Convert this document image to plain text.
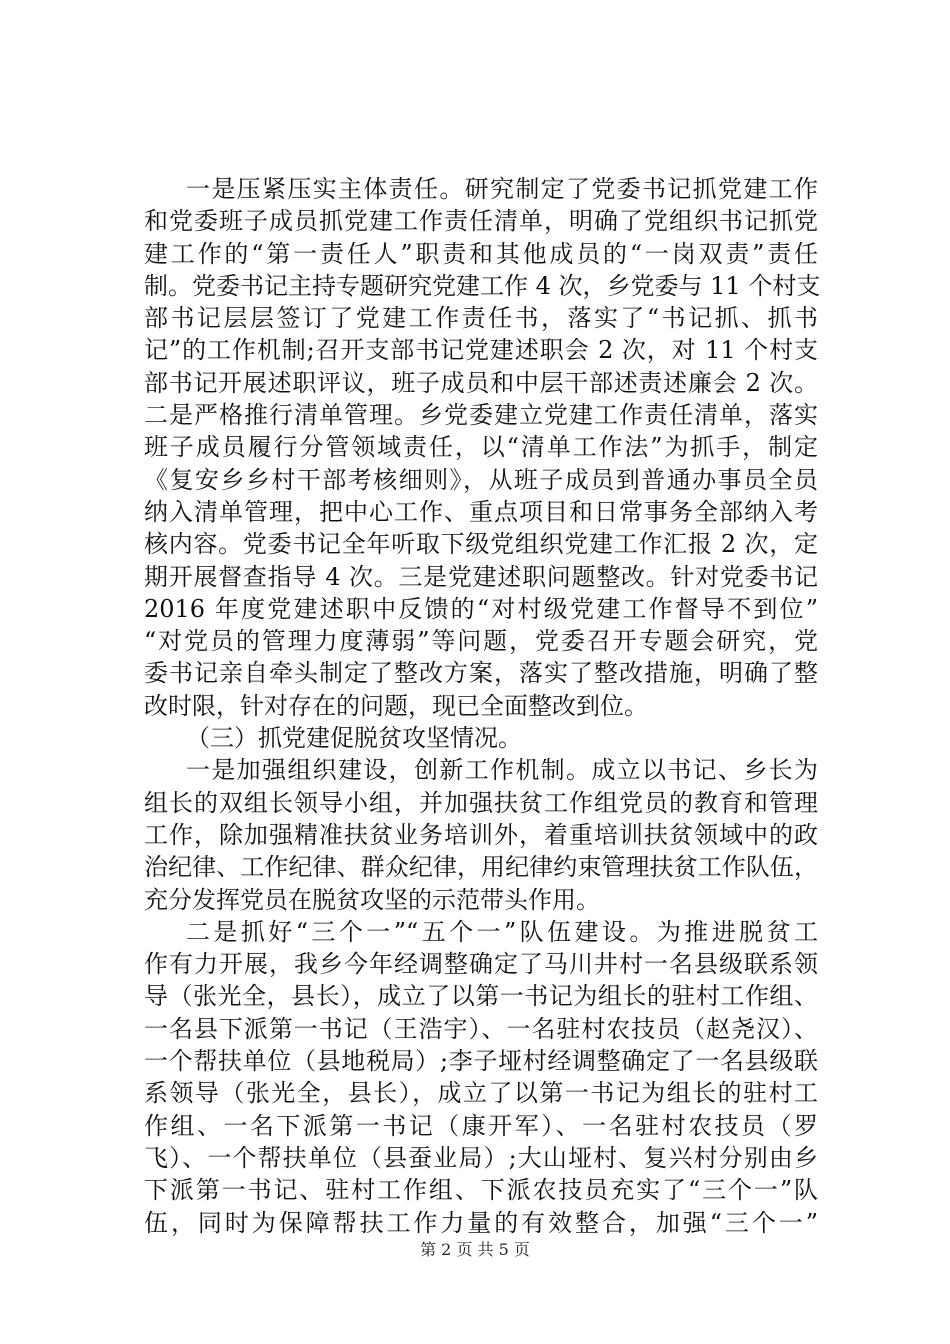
一是压紧压实主体责任。研究制定了党委书记抓党建工作
和党委班子成员抓党建工作责任清单，明确了党组织书记抓党
建工作的“第一责任人”职责和其他成员的“一岗双责”责任
制。党委书记主持专题研究党建工作 4 次，乡党委与 11 个村支
部书记层层签订了党建工作责任书，落实了“书记抓、抓书
记”的工作机制;召开支部书记党建述职会 2 次，对 11 个村支
部书记开展述职评议，班子成员和中层干部述责述廉会 2 次。
二是严格推行清单管理。乡党委建立党建工作责任清单，落实
班子成员履行分管领域责任，以“清单工作法”为抓手，制定
《复安乡乡村干部考核细则》，从班子成员到普通办事员全员
纳入清单管理，把中心工作、重点项目和日常事务全部纳入考
核内容。党委书记全年听取下级党组织党建工作汇报 2 次，定
期开展督查指导 4 次。三是党建述职问题整改。针对党委书记
2016 年度党建述职中反馈的“对村级党建工作督导不到位”
“对党员的管理力度薄弱”等问题，党委召开专题会研究，党
委书记亲自牵头制定了整改方案，落实了整改措施，明确了整
改时限，针对存在的问题，现已全面整改到位。
（三）抓党建促脱贫攻坚情况。
一是加强组织建设，创新工作机制。成立以书记、乡长为
组长的双组长领导小组，并加强扶贫工作组党员的教育和管理
工作，除加强精准扶贫业务培训外，着重培训扶贫领域中的政
治纪律、工作纪律、群众纪律，用纪律约束管理扶贫工作队伍，
充分发挥党员在脱贫攻坚的示范带头作用。
二是抓好“三个一”“五个一”队伍建设。为推进脱贫工
作有力开展，我乡今年经调整确定了马川井村一名县级联系领
导（张光全，县长），成立了以第一书记为组长的驻村工作组、
一名县下派第一书记（王浩宇）、一名驻村农技员（赵尧汉）、
一个帮扶单位（县地税局）;李子垭村经调整确定了一名县级联
系领导（张光全，县长），成立了以第一书记为组长的驻村工
作组、一名下派第一书记（康开军）、一名驻村农技员（罗
飞）、一个帮扶单位（县蚕业局）;大山垭村、复兴村分别由乡
下派第一书记、驻村工作组、下派农技员充实了“三个一”队
伍，同时为保障帮扶工作力量的有效整合，加强“三个一”
第 2 页 共 5 页
